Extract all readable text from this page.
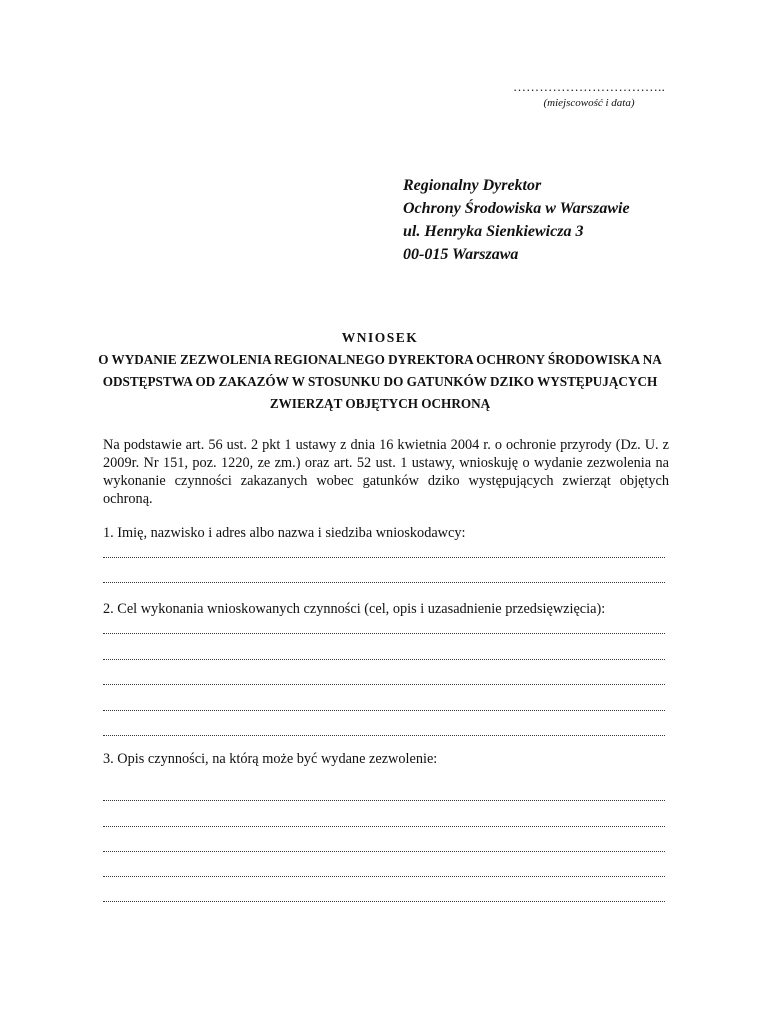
……………………………..
(miejscowość i data)
Regionalny Dyrektor
Ochrony Środowiska w Warszawie
ul. Henryka Sienkiewicza 3
00-015 Warszawa
WNIOSEK
O WYDANIE ZEZWOLENIA REGIONALNEGO DYREKTORA OCHRONY ŚRODOWISKA NA
ODSTĘPSTWA OD ZAKAZÓW W STOSUNKU DO GATUNKÓW DZIKO WYSTĘPUJĄCYCH
ZWIERZĄT OBJĘTYCH OCHRONĄ
Na podstawie art. 56 ust. 2 pkt 1 ustawy z dnia 16 kwietnia 2004 r. o ochronie przyrody (Dz. U. z 2009r. Nr 151, poz. 1220, ze zm.) oraz art. 52 ust. 1 ustawy, wnioskuję o wydanie zezwolenia na wykonanie czynności zakazanych wobec gatunków dziko występujących zwierząt objętych ochroną.
1. Imię, nazwisko i adres albo nazwa i siedziba wnioskodawcy:
2. Cel wykonania wnioskowanych czynności (cel, opis i uzasadnienie przedsięwzięcia):
3. Opis czynności, na którą może być wydane zezwolenie:
